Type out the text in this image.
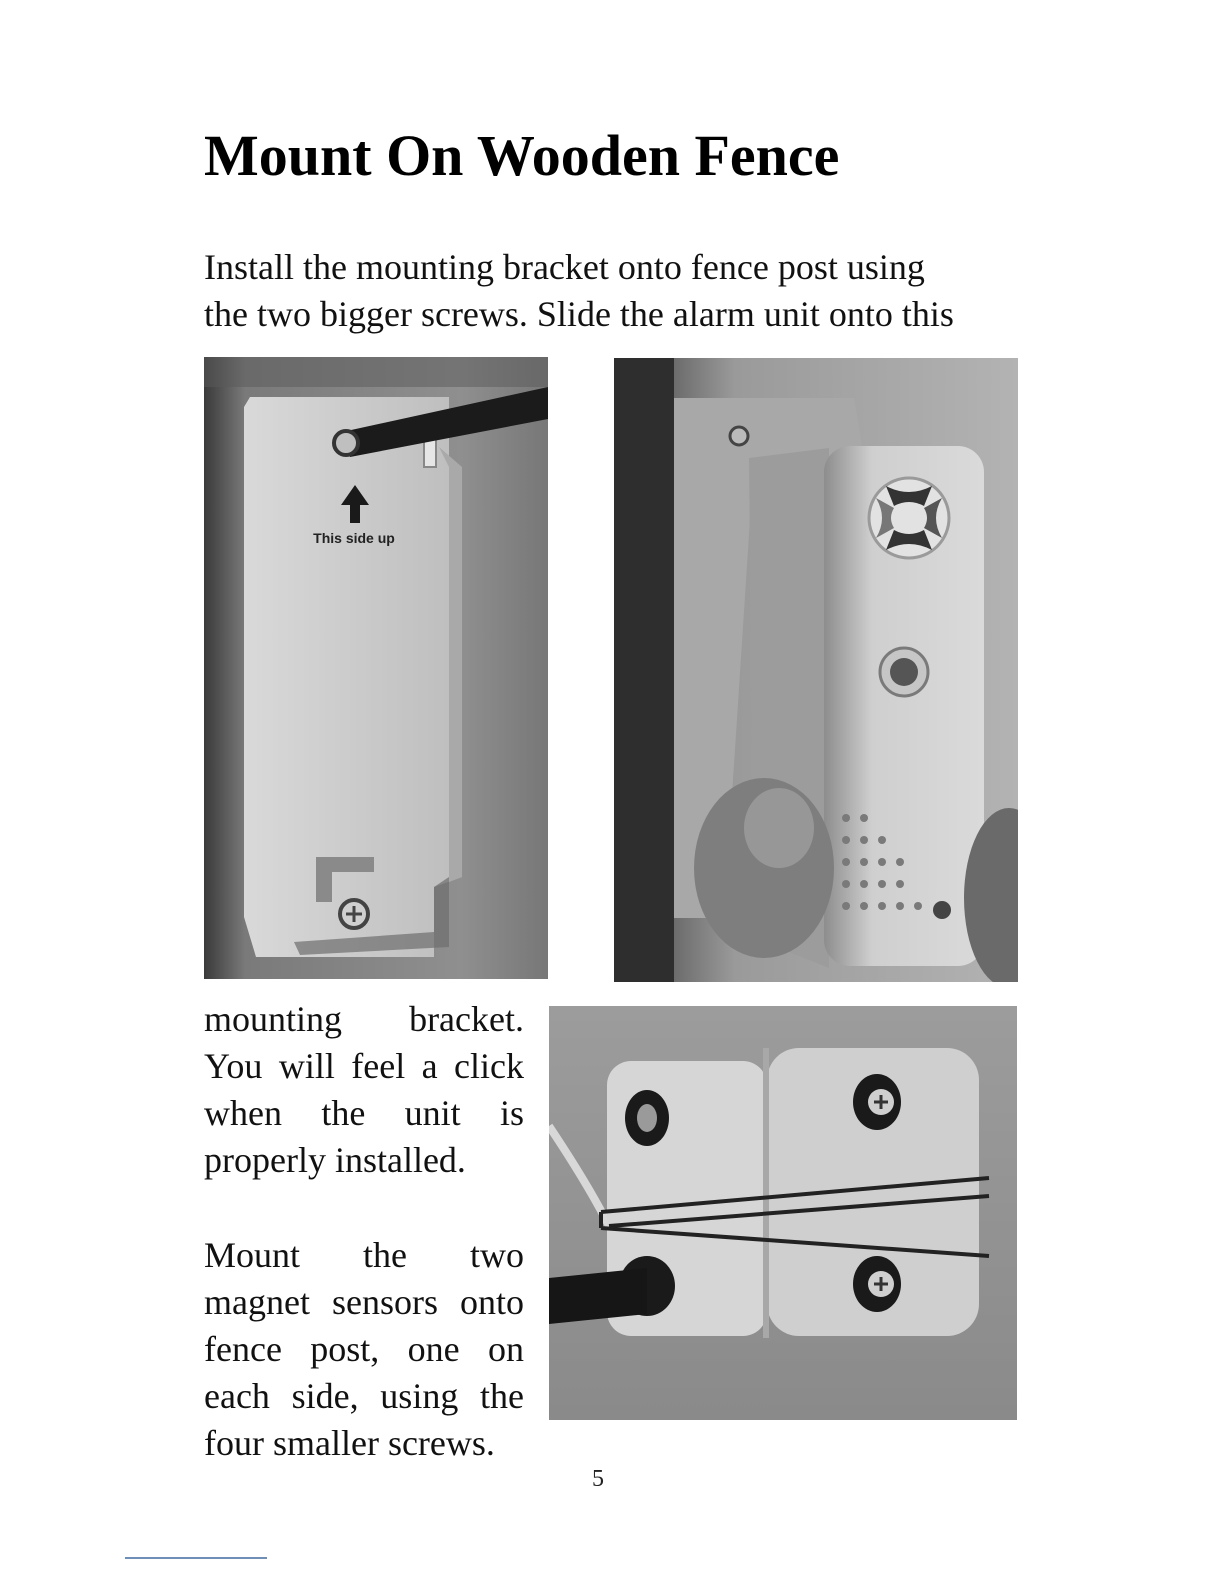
Mount On Wooden Fence
Install the mounting bracket onto fence post using
the two bigger screws. Slide the alarm unit onto this
This side up

mounting bracket. You will feel a click when the unit is properly installed.

Mount the two magnet sensors onto fence post, one on each side, using the four smaller screws.

5
